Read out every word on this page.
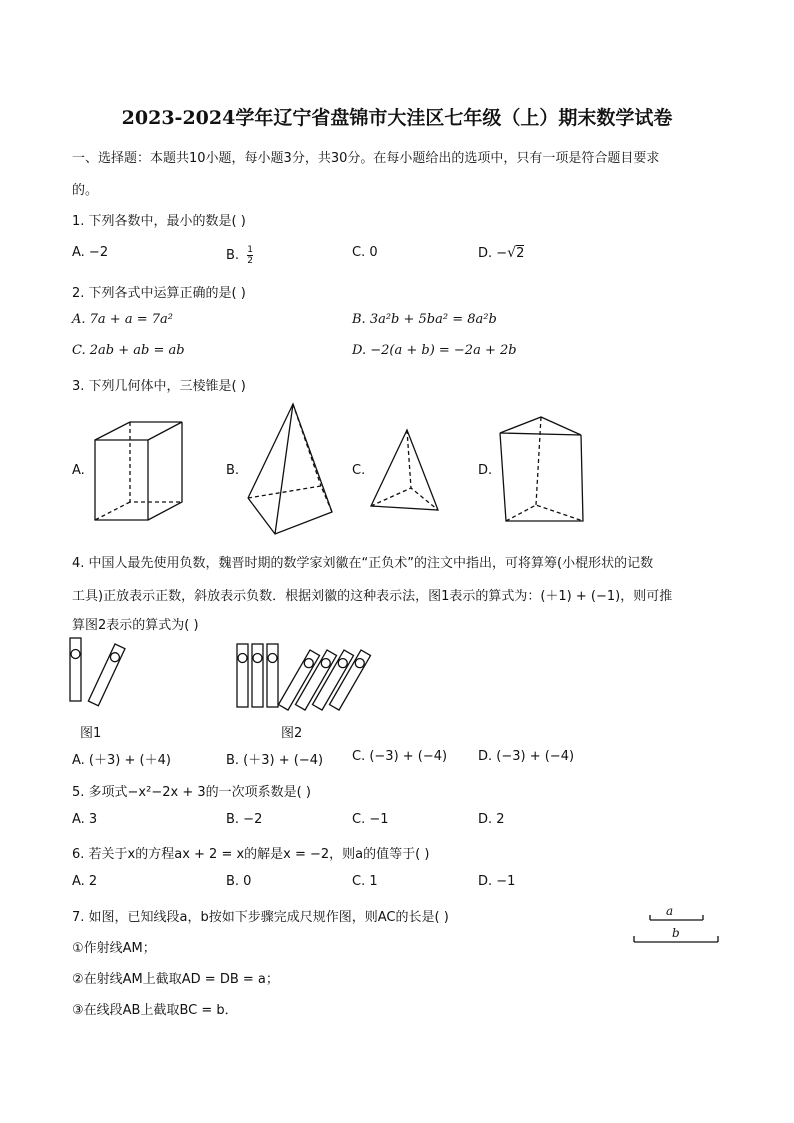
2023-2024学年辽宁省盘锦市大洼区七年级（上）期末数学试卷
一、选择题：本题共10小题，每小题3分，共30分。在每小题给出的选项中，只有一项是符合题目要求
的。
1. 下列各数中，最小的数是( )
A. −2	B. $\frac{1}{2}$	C. 0	D. −√2
2. 下列各式中运算正确的是( )
A. 7a + a = 7a²	B. 3a²b + 5ba² = 8a²b
C. 2ab + ab = ab	D. −2(a + b) = −2a + 2b
3. 下列几何体中，三棱锥是( )
A.	B.	C.	D.
4. 中国人最先使用负数，魏晋时期的数学家刘徽在“正负术”的注文中指出，可将算筹(小棍形状的记数
工具)正放表示正数，斜放表示负数．根据刘徽的这种表示法，图1表示的算式为：(＋1) + (−1)，则可推
算图2表示的算式为( )
图1	图2
A. (＋3) + (＋4)	B. (＋3) + (−4) C. (−3) + (−4) D. (−3) + (−4)
5. 多项式−x²−2x + 3的一次项系数是( )
A. 3	B. −2	C. −1	D. 2
6. 若关于x的方程ax + 2 = x的解是x = −2，则a的值等于( )
A. 2	B. 0	C. 1	D. −1
7. 如图，已知线段a，b按如下步骤完成尺规作图，则AC的长是( )
①作射线AM；
②在射线AM上截取AD = DB = a；
③在线段AB上截取BC = b．
a
b
